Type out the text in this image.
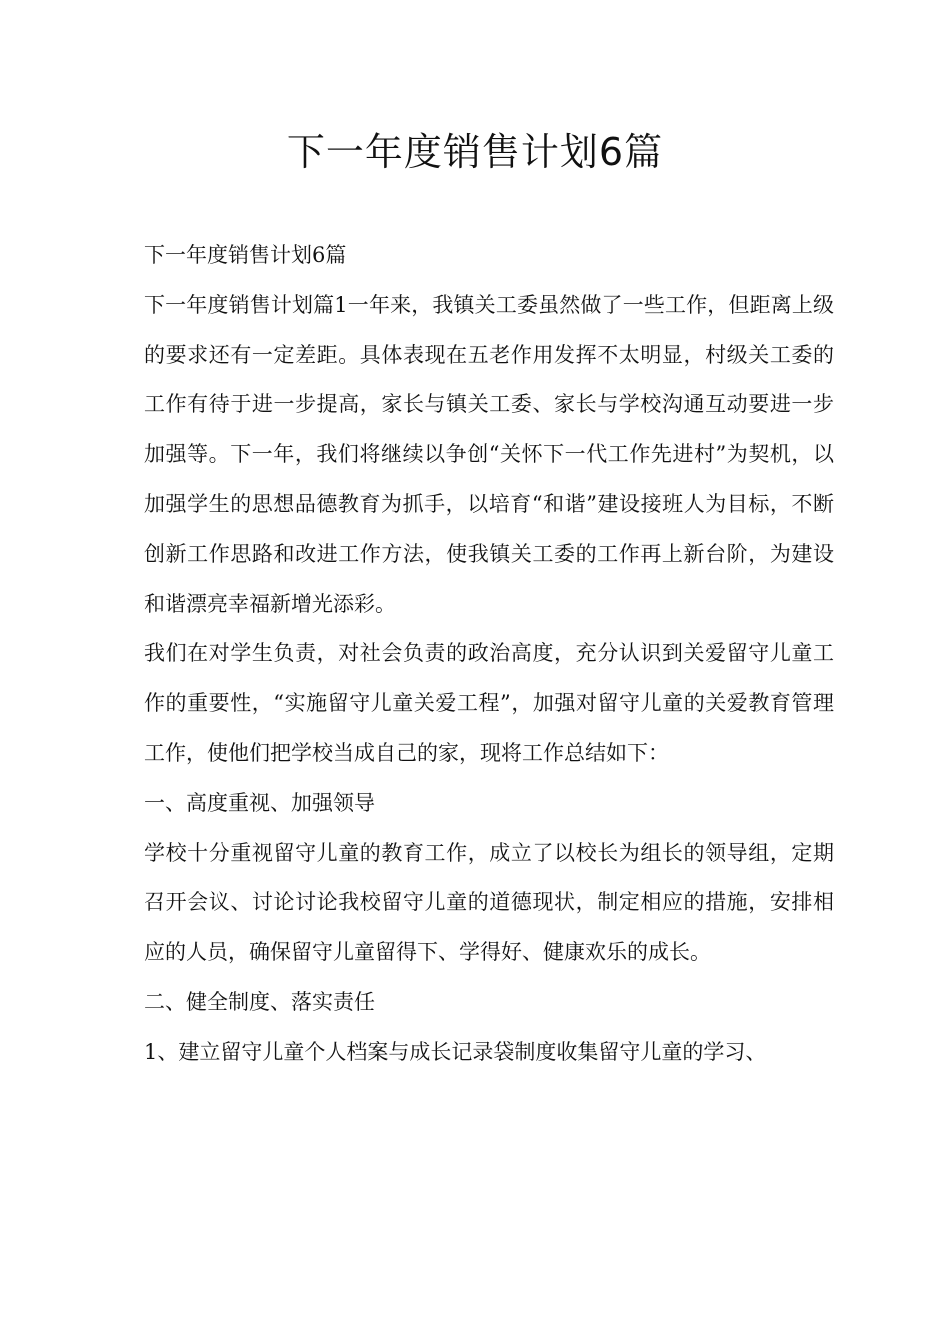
下一年度销售计划6篇

下一年度销售计划6篇

下一年度销售计划篇1一年来，我镇关工委虽然做了一些工作，但距离上级的要求还有一定差距。具体表现在五老作用发挥不太明显，村级关工委的工作有待于进一步提高，家长与镇关工委、家长与学校沟通互动要进一步加强等。下一年，我们将继续以争创“关怀下一代工作先进村”为契机，以加强学生的思想品德教育为抓手，以培育“和谐”建设接班人为目标，不断创新工作思路和改进工作方法，使我镇关工委的工作再上新台阶，为建设和谐漂亮幸福新增光添彩。

我们在对学生负责，对社会负责的政治高度，充分认识到关爱留守儿童工作的重要性，“实施留守儿童关爱工程”，加强对留守儿童的关爱教育管理工作，使他们把学校当成自己的家，现将工作总结如下：

一、高度重视、加强领导

学校十分重视留守儿童的教育工作，成立了以校长为组长的领导组，定期召开会议、讨论讨论我校留守儿童的道德现状，制定相应的措施，安排相应的人员，确保留守儿童留得下、学得好、健康欢乐的成长。

二、健全制度、落实责任

1、建立留守儿童个人档案与成长记录袋制度收集留守儿童的学习、
